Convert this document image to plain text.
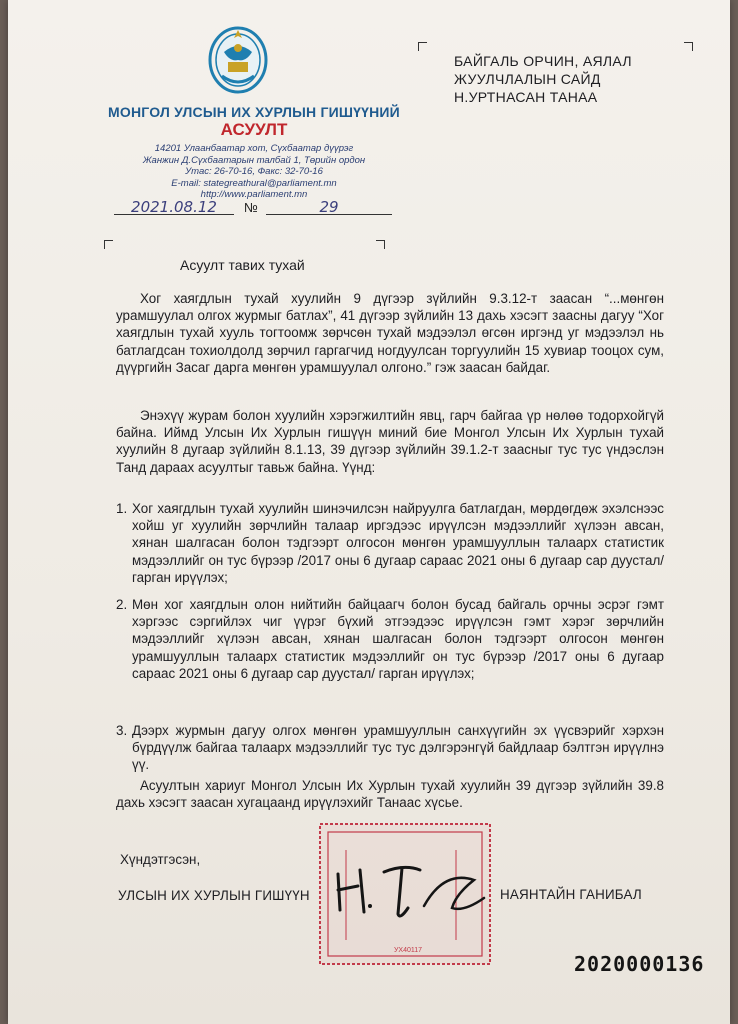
МОНГОЛ УЛСЫН ИХ ХУРЛЫН ГИШҮҮНИЙ
АСУУЛТ
14201 Улаанбаатар хот, Сүхбаатар дүүрэг
Жанжин Д.Сүхбаатарын талбай 1, Төрийн ордон
Утас: 26-70-16, Факс: 32-70-16
E-mail: stategreathural@parliament.mn
http://www.parliament.mn
2021.08.12	№	29
БАЙГАЛЬ ОРЧИН, АЯЛАЛ
ЖУУЛЧЛАЛЫН САЙД
Н.УРТНАСАН ТАНАА
Асуулт тавих тухай
Хог хаягдлын тухай хуулийн 9 дүгээр зүйлийн 9.3.12-т заасан “...мөнгөн урамшуулал олгох журмыг батлах”, 41 дүгээр зүйлийн 13 дахь хэсэгт заасны дагуу “Хог хаягдлын тухай хууль тогтоомж зөрчсөн тухай мэдээлэл өгсөн иргэнд уг мэдээлэл нь батлагдсан тохиолдолд зөрчил гаргагчид ногдуулсан торгуулийн 15 хувиар тооцох сум, дүүргийн Засаг дарга мөнгөн урамшуулал олгоно.” гэж заасан байдаг.
Энэхүү журам болон хуулийн хэрэгжилтийн явц, гарч байгаа үр нөлөө тодорхойгүй байна. Иймд Улсын Их Хурлын гишүүн миний бие Монгол Улсын Их Хурлын тухай хуулийн 8 дугаар зүйлийн 8.1.13, 39 дүгээр зүйлийн 39.1.2-т заасныг тус тус үндэслэн Танд дараах асуултыг тавьж байна. Үүнд:
1. Хог хаягдлын тухай хуулийн шинэчилсэн найруулга батлагдан, мөрдөгдөж эхэлснээс хойш уг хуулийн зөрчлийн талаар иргэдээс ирүүлсэн мэдээллийг хүлээн авсан, хянан шалгасан болон тэдгээрт олгосон мөнгөн урамшууллын талаарх статистик мэдээллийг он тус бүрээр /2017 оны 6 дугаар сараас 2021 оны 6 дугаар сар дуустал/ гарган ирүүлэх;
2. Мөн хог хаягдлын олон нийтийн байцаагч болон бусад байгаль орчны эсрэг гэмт хэргээс сэргийлэх чиг үүрэг бүхий этгээдээс ирүүлсэн гэмт хэрэг зөрчлийн мэдээллийг хүлээн авсан, хянан шалгасан болон тэдгээрт олгосон мөнгөн урамшууллын талаарх статистик мэдээллийг он тус бүрээр /2017 оны 6 дугаар сараас 2021 оны 6 дугаар сар дуустал/ гарган ирүүлэх;
3. Дээрх журмын дагуу олгох мөнгөн урамшууллын санхүүгийн эх үүсвэрийг хэрхэн бүрдүүлж байгаа талаарх мэдээллийг тус тус дэлгэрэнгүй байдлаар бэлтгэн ирүүлнэ үү.
Асуултын хариуг Монгол Улсын Их Хурлын тухай хуулийн 39 дүгээр зүйлийн 39.8 дахь хэсэгт заасан хугацаанд ирүүлэхийг Танаас хүсье.
УХ40117
Хүндэтгэсэн,
УЛСЫН ИХ ХУРЛЫН ГИШҮҮН	НАЯНТАЙН ГАНИБАЛ
2020000136
